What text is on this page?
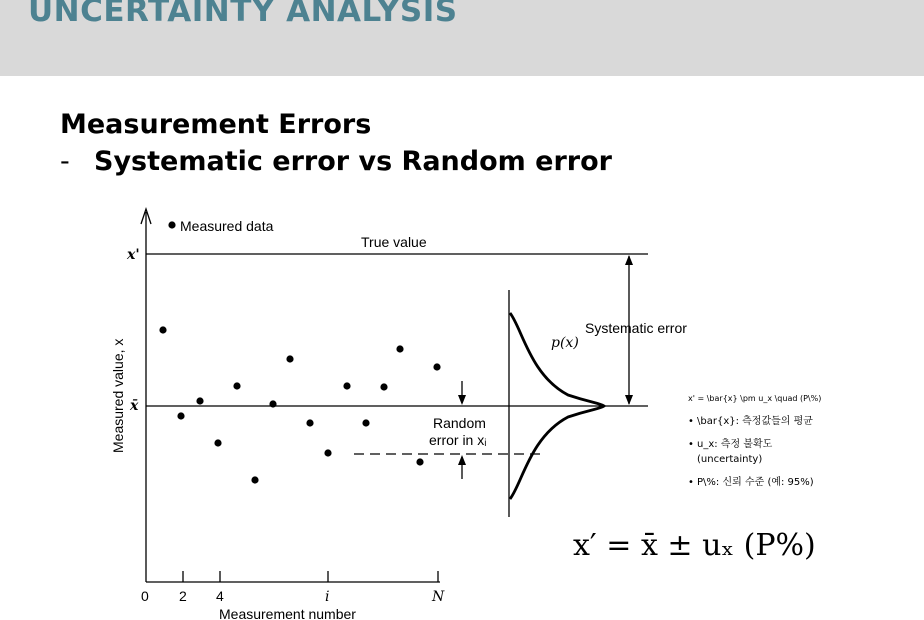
UNCERTAINTY ANALYSIS
Measurement Errors
- Systematic error vs Random error
Measured data
True value
Systematic error
Random
error in xᵢ
0 2 4
Measurement number
Measured value, x
x'
x̄
i	N
p(x)
x' = \bar{x} \pm u_x \quad (P\%)
• \bar{x}: 측정값들의 평균
• u_x: 측정 불확도
(uncertainty)
• P\%: 신뢰 수준 (예: 95%)
x′ = x̄ ± uₓ (P%)
